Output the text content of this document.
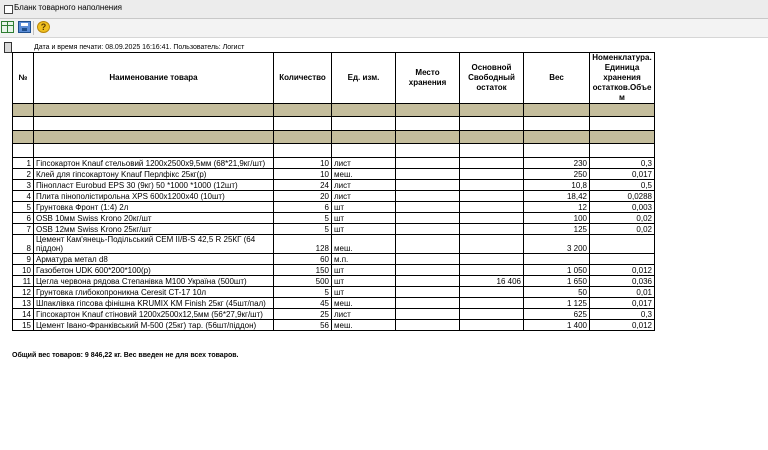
Бланк товарного наполнения
?
Дата и время печати: 08.09.2025 16:16:41. Пользователь: Логист
№	Наименование товара	Количество	Ед. изм.	Место хранения	Основной Свободный остаток	Вес	Номенклатура. Единица хранения остатков.Объе м

1	Гіпсокартон Knauf стельовий 1200х2500х9,5мм (68*21,9кг/шт)	10	лист			230	0,3
2	Клей для гіпсокартону Knauf Перлфікс 25кг(р)	10	меш.			250	0,017
3	Пінопласт Eurobud EPS 30 (9кг) 50 *1000 *1000 (12шт)	24	лист			10,8	0,5
4	Плита пінополістирольна XPS 600х1200х40 (10шт)	20	лист			18,42	0,0288
5	Грунтовка Фронт (1:4) 2л	6	шт			12	0,003
6	OSB 10мм Swiss Krono 20кг/шт	5	шт			100	0,02
7	OSB 12мм Swiss Krono 25кг/шт	5	шт			125	0,02
8	Цемент Кам'янець-Подільський CEM II/B-S 42,5 R 25КГ (64 піддон)	128	меш.			3 200	
9	Арматура метал d8	60	м.п.				
10	Газобетон UDK 600*200*100(р)	150	шт			1 050	0,012
11	Цегла червона рядова Степанівка М100 Україна (500шт)	500	шт		16 406	1 650	0,036
12	Грунтовка глибокопроникна Ceresit CT-17 10л	5	шт			50	0,01
13	Шпаклівка гіпсова фінішна KRUMIX KM Finish 25кг (45шт/пал)	45	меш.			1 125	0,017
14	Гіпсокартон Knauf стіновий 1200х2500х12,5мм (56*27,9кг/шт)	25	лист			625	0,3
15	Цемент Івано-Франківський М-500 (25кг) тар. (56шт/піддон)	56	меш.			1 400	0,012
Общий вес товаров: 9 846,22 кг. Вес введен не для всех товаров.
